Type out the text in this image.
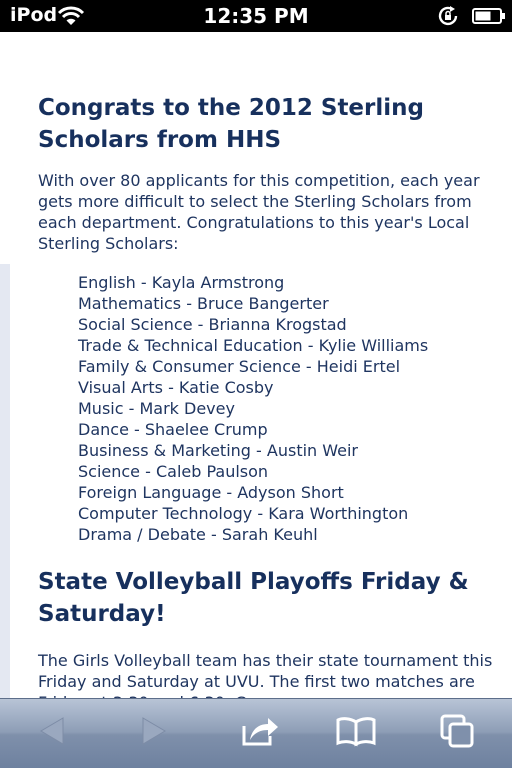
iPod	12:35 PM
Congrats to the 2012 Sterling Scholars from HHS

With over 80 applicants for this competition, each year gets more difficult to select the Sterling Scholars from each department. Congratulations to this year's Local Sterling Scholars:

English - Kayla Armstrong
Mathematics - Bruce Bangerter
Social Science - Brianna Krogstad
Trade & Technical Education - Kylie Williams
Family & Consumer Science - Heidi Ertel
Visual Arts - Katie Cosby
Music - Mark Devey
Dance - Shaelee Crump
Business & Marketing - Austin Weir
Science - Caleb Paulson
Foreign Language - Adyson Short
Computer Technology - Kara Worthington
Drama / Debate - Sarah Keuhl
State Volleyball Playoffs Friday & Saturday!

The Girls Volleyball team has their state tournament this Friday and Saturday at UVU. The first two matches are
